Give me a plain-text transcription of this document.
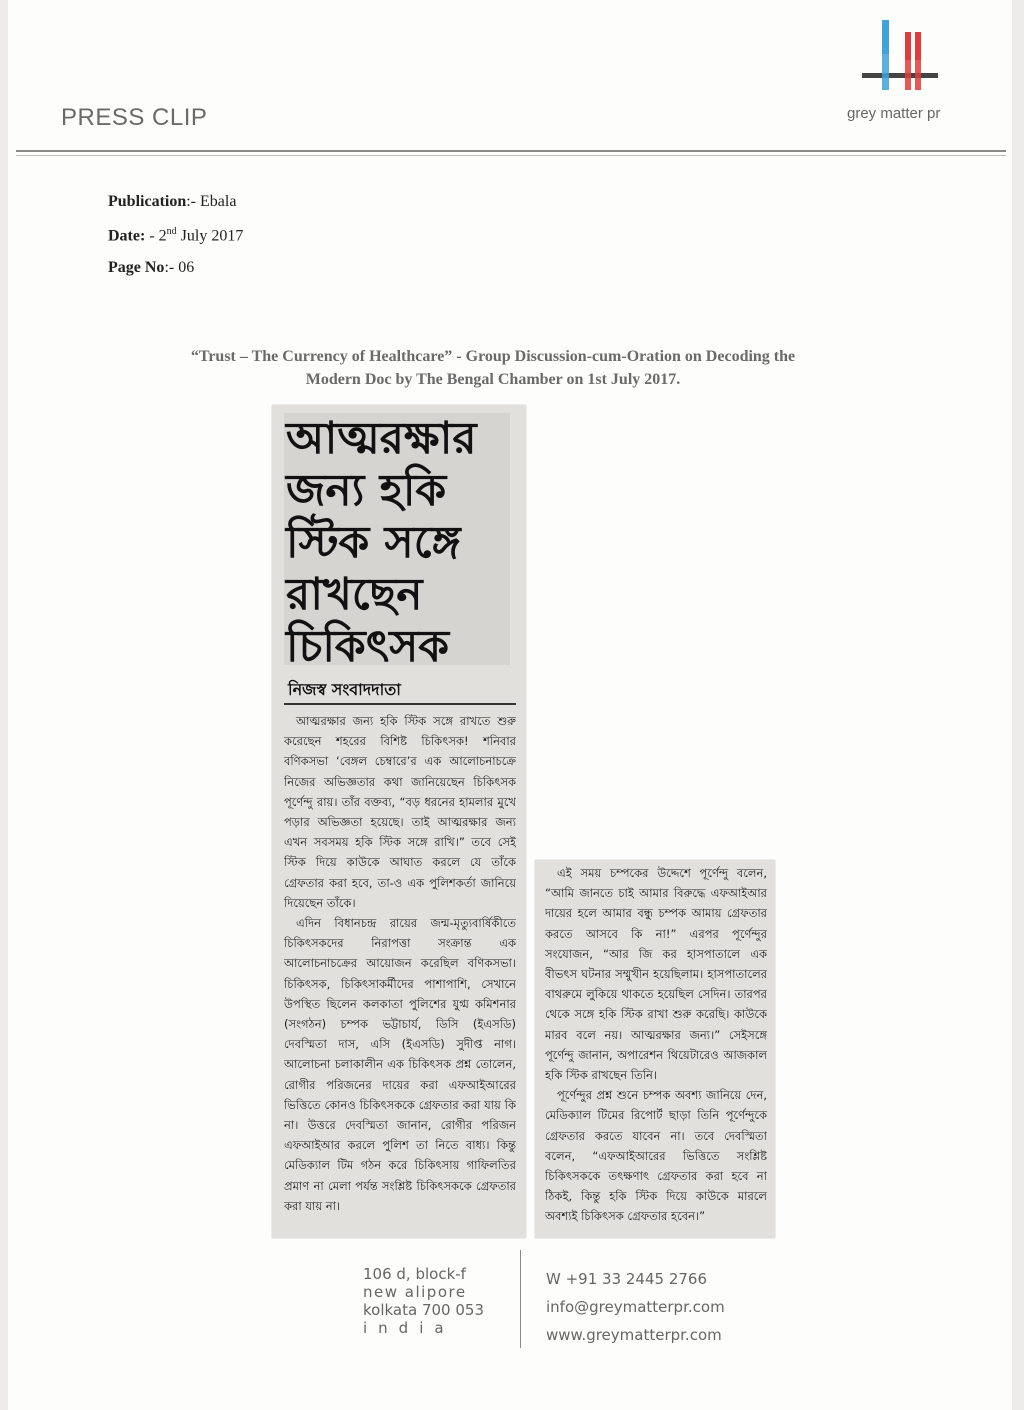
PRESS CLIP	grey matter pr
Publication:- Ebala
Date: - 2nd July 2017
Page No:- 06
“Trust – The Currency of Healthcare” - Group Discussion-cum-Oration on Decoding the
Modern Doc by The Bengal Chamber on 1st July 2017.
আত্মরক্ষার
জন্য হকি
স্টিক সঙ্গে
রাখছেন
চিকিৎসক
নিজস্ব সংবাদদাতা

আত্মরক্ষার জন্য হকি স্টিক সঙ্গে রাখতে শুরু করেছেন শহরের বিশিষ্ট চিকিৎসক! শনিবার বণিকসভা ‘বেঙ্গল চেম্বারে’র এক আলোচনাচক্রে নিজের অভিজ্ঞতার কথা জানিয়েছেন চিকিৎসক পূর্ণেন্দু রায়। তাঁর বক্তব্য, “বড় ধরনের হামলার মুখে পড়ার অভিজ্ঞতা হয়েছে। তাই আত্মরক্ষার জন্য এখন সবসময় হকি স্টিক সঙ্গে রাখি।” তবে সেই স্টিক দিয়ে কাউকে আঘাত করলে যে তাঁকে গ্রেফতার করা হবে, তা-ও এক পুলিশকর্তা জানিয়ে দিয়েছেন তাঁকে।

এদিন বিধানচন্দ্র রায়ের জন্ম-মৃত্যুবার্ষিকীতে চিকিৎসকদের নিরাপত্তা সংক্রান্ত এক আলোচনাচক্রের আয়োজন করেছিল বণিকসভা। চিকিৎসক, চিকিৎসাকর্মীদের পাশাপাশি, সেখানে উপস্থিত ছিলেন কলকাতা পুলিশের যুগ্ম কমিশনার (সংগঠন) চম্পক ভট্টাচার্য, ডিসি (ইএসডি) দেবস্মিতা দাস, এসি (ইএসডি) সুদীপ্ত নাগ। আলোচনা চলাকালীন এক চিকিৎসক প্রশ্ন তোলেন, রোগীর পরিজনের দায়ের করা এফআইআরের ভিত্তিতে কোনও চিকিৎসককে গ্রেফতার করা যায় কি না। উত্তরে দেবস্মিতা জানান, রোগীর পরিজন এফআইআর করলে পুলিশ তা নিতে বাধ্য। কিন্তু মেডিক্যাল টিম গঠন করে চিকিৎসায় গাফিলতির প্রমাণ না মেলা পর্যন্ত সংশ্লিষ্ট চিকিৎসককে গ্রেফতার করা যায় না।

এই সময় চম্পকের উদ্দেশে পূর্ণেন্দু বলেন, “আমি জানতে চাই আমার বিরুদ্ধে এফআইআর দায়ের হলে আমার বন্ধু চম্পক আমায় গ্রেফতার করতে আসবে কি না!” এরপর পূর্ণেন্দুর সংযোজন, “আর জি কর হাসপাতালে এক বীভৎস ঘটনার সম্মুখীন হয়েছিলাম। হাসপাতালের বাথরুমে লুকিয়ে থাকতে হয়েছিল সেদিন। তারপর থেকে সঙ্গে হকি স্টিক রাখা শুরু করেছি। কাউকে মারব বলে নয়। আত্মরক্ষার জন্য।” সেইসঙ্গে পূর্ণেন্দু জানান, অপারেশন থিয়েটারেও আজকাল হকি স্টিক রাখছেন তিনি।

পূর্ণেন্দুর প্রশ্ন শুনে চম্পক অবশ্য জানিয়ে দেন, মেডিক্যাল টিমের রিপোর্ট ছাড়া তিনি পূর্ণেন্দুকে গ্রেফতার করতে যাবেন না। তবে দেবস্মিতা বলেন, “এফআইআরের ভিত্তিতে সংশ্লিষ্ট চিকিৎসককে তৎক্ষণাৎ গ্রেফতার করা হবে না ঠিকই, কিন্তু হকি স্টিক দিয়ে কাউকে মারলে অবশ্যই চিকিৎসক গ্রেফতার হবেন।”

106 d, block-f
new alipore
kolkata 700 053
india
W +91 33 2445 2766
info@greymatterpr.com
www.greymatterpr.com
